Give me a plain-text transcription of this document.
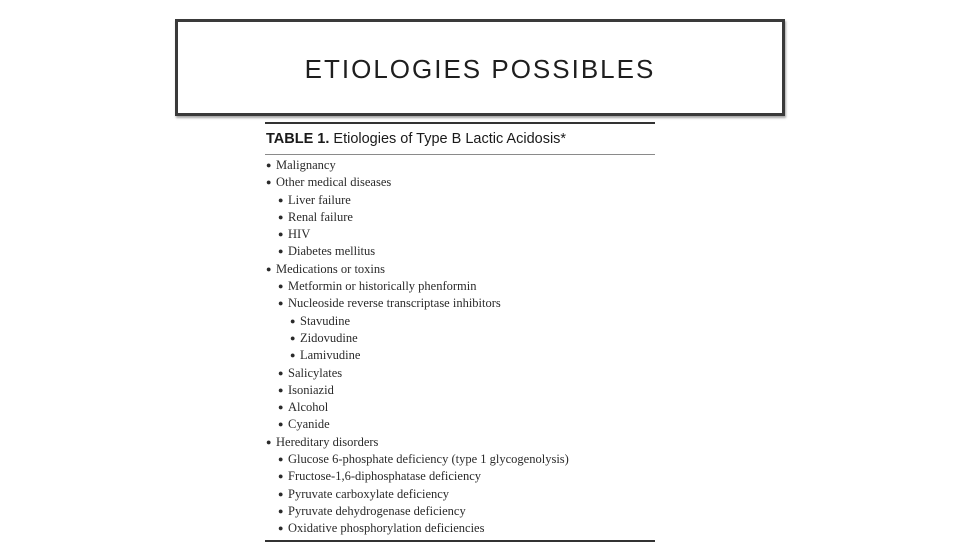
ETIOLOGIES POSSIBLES
TABLE 1. Etiologies of Type B Lactic Acidosis*
● Malignancy
● Other medical diseases
● Liver failure
● Renal failure
● HIV
● Diabetes mellitus
● Medications or toxins
● Metformin or historically phenformin
● Nucleoside reverse transcriptase inhibitors
● Stavudine
● Zidovudine
● Lamivudine
● Salicylates
● Isoniazid
● Alcohol
● Cyanide
● Hereditary disorders
● Glucose 6-phosphate deficiency (type 1 glycogenolysis)
● Fructose-1,6-diphosphatase deficiency
● Pyruvate carboxylate deficiency
● Pyruvate dehydrogenase deficiency
● Oxidative phosphorylation deficiencies
